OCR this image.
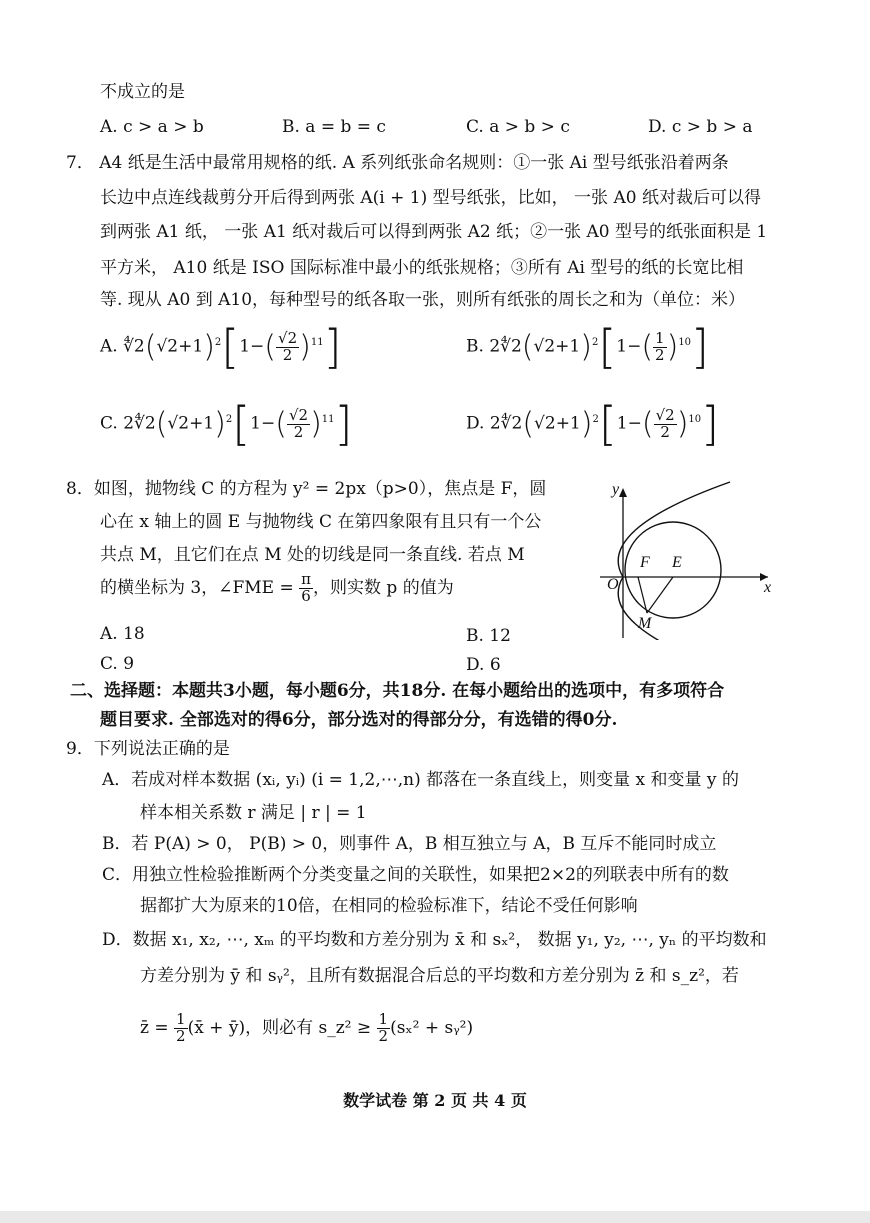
不成立的是
A. c > a > b	B. a = b = c	C. a > b > c	D. c > b > a
7． A4 纸是生活中最常用规格的纸. A 系列纸张命名规则：①一张 Ai 型号纸张沿着两条
长边中点连线裁剪分开后得到两张 A(i + 1) 型号纸张，比如， 一张 A0 纸对裁后可以得
到两张 A1 纸， 一张 A1 纸对裁后可以得到两张 A2 纸；②一张 A0 型号的纸张面积是 1
平方米， A10 纸是 ISO 国际标准中最小的纸张规格；③所有 Ai 型号的纸的长宽比相
等. 现从 A0 到 A10，每种型号的纸各取一张，则所有纸张的周长之和为（单位：米）
A. $∜2(√2+1)^2[1-( \frac{√2}{2} )^{11}]$	B. $2∜2(√2+1)^2[1-( \frac{1}{2} )^{10}]$
C. $2∜2(√2+1)^2[1-( \frac{√2}{2} )^{11}]$	D. $2∜2(√2+1)^2[1-( \frac{√2}{2} )^{10}]$
8．如图，抛物线 C 的方程为 y² = 2px（p>0），焦点是 F，圆
心在 x 轴上的圆 E 与抛物线 C 在第四象限有且只有一个公
共点 M，且它们在点 M 处的切线是同一条直线. 若点 M
的横坐标为 3，∠FME = $\frac{\pi}{6}$ ，则实数 p 的值为
A. 18	B. 12
C. 9	D. 6
y
x
O
F E
M
二、选择题：本题共3小题，每小题6分，共18分. 在每小题给出的选项中，有多项符合
题目要求. 全部选对的得6分，部分选对的得部分分，有选错的得0分.
9．下列说法正确的是
A．若成对样本数据 (xᵢ, yᵢ) (i = 1,2,⋯,n) 都落在一条直线上，则变量 x 和变量 y 的
样本相关系数 r 满足 | r | = 1
B．若 P(A) > 0， P(B) > 0，则事件 A，B 相互独立与 A，B 互斥不能同时成立
C．用独立性检验推断两个分类变量之间的关联性，如果把2×2的列联表中所有的数
据都扩大为原来的10倍，在相同的检验标准下，结论不受任何影响
D．数据 x₁, x₂, ⋯, xₘ 的平均数和方差分别为 x̄ 和 sₓ²， 数据 y₁, y₂, ⋯, yₙ 的平均数和
方差分别为 ȳ 和 sᵧ²，且所有数据混合后总的平均数和方差分别为 z̄ 和 s_z²，若
z̄ = $\frac{1}{2}$ (x̄ + ȳ)，则必有 s_z² ≥ $\frac{1}{2} (s_x^2$ + sᵧ²)
数学试卷 第 2 页 共 4 页
